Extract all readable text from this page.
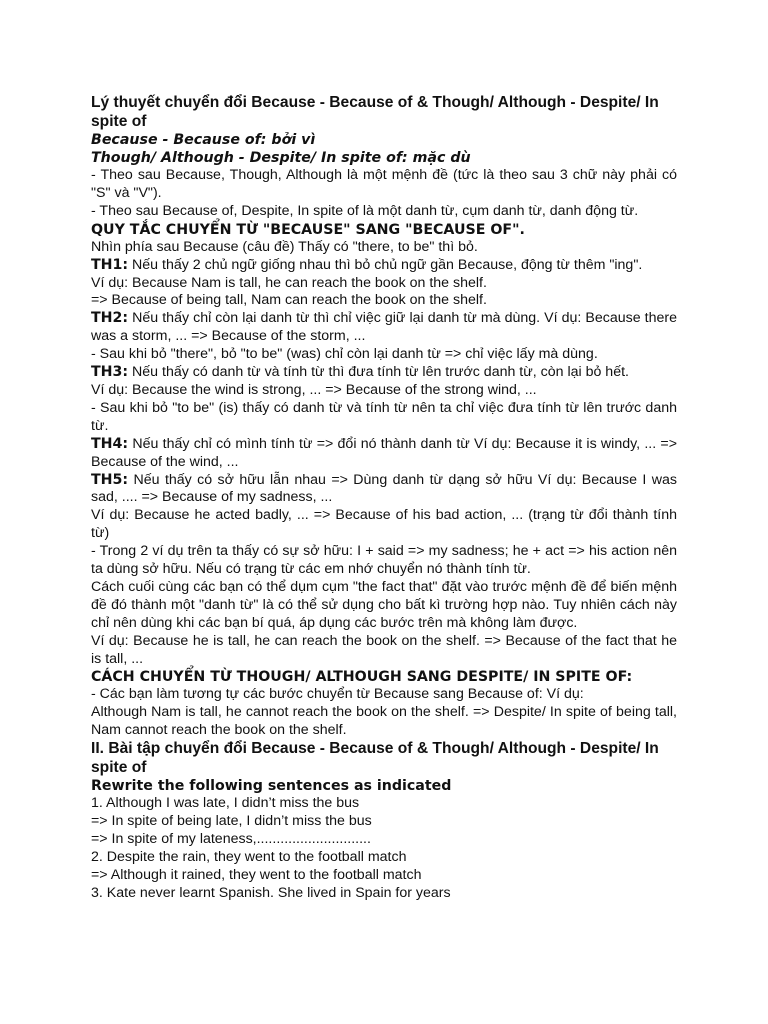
Lý thuyết chuyển đổi Because - Because of & Though/ Although - Despite/ In spite of

Because - Because of: bởi vì

Though/ Although - Despite/ In spite of: mặc dù

- Theo sau Because, Though, Although là một mệnh đề (tức là theo sau 3 chữ này phải có "S" và "V").

- Theo sau Because of, Despite, In spite of là một danh từ, cụm danh từ, danh động từ.

QUY TẮC CHUYỂN TỪ "BECAUSE" SANG "BECAUSE OF".

Nhìn phía sau Because (câu đề) Thấy có "there, to be" thì bỏ.

TH1: Nếu thấy 2 chủ ngữ giống nhau thì bỏ chủ ngữ gần Because, động từ thêm "ing".

Ví dụ: Because Nam is tall, he can reach the book on the shelf.

=> Because of being tall, Nam can reach the book on the shelf.

TH2: Nếu thấy chỉ còn lại danh từ thì chỉ việc giữ lại danh từ mà dùng. Ví dụ: Because there was a storm, ... => Because of the storm, ...

- Sau khi bỏ "there", bỏ "to be" (was) chỉ còn lại danh từ => chỉ việc lấy mà dùng.

TH3: Nếu thấy có danh từ và tính từ thì đưa tính từ lên trước danh từ, còn lại bỏ hết.

Ví dụ: Because the wind is strong, ... => Because of the strong wind, ...

- Sau khi bỏ "to be" (is) thấy có danh từ và tính từ nên ta chỉ việc đưa tính từ lên trước danh từ.

TH4: Nếu thấy chỉ có mình tính từ => đổi nó thành danh từ Ví dụ: Because it is windy, ... => Because of the wind, ...

TH5: Nếu thấy có sở hữu lẫn nhau => Dùng danh từ dạng sở hữu Ví dụ: Because I was sad, .... => Because of my sadness, ...

Ví dụ: Because he acted badly, ... => Because of his bad action, ... (trạng từ đổi thành tính từ)

- Trong 2 ví dụ trên ta thấy có sự sở hữu: I + said => my sadness; he + act => his action nên ta dùng sở hữu. Nếu có trạng từ các em nhớ chuyển nó thành tính từ.

Cách cuối cùng các bạn có thể dụm cụm "the fact that" đặt vào trước mệnh đề để biến mệnh đề đó thành một "danh từ" là có thể sử dụng cho bất kì trường hợp nào. Tuy nhiên cách này chỉ nên dùng khi các bạn bí quá, áp dụng các bước trên mà không làm được.

Ví dụ: Because he is tall, he can reach the book on the shelf. => Because of the fact that he is tall, ...

CÁCH CHUYỂN TỪ THOUGH/ ALTHOUGH SANG DESPITE/ IN SPITE OF:

- Các bạn làm tương tự các bước chuyển từ Because sang Because of: Ví dụ:

Although Nam is tall, he cannot reach the book on the shelf. => Despite/ In spite of being tall, Nam cannot reach the book on the shelf.

II. Bài tập chuyển đổi Because - Because of & Though/ Although - Despite/ In spite of

Rewrite the following sentences as indicated

1. Although I was late, I didn’t miss the bus

=> In spite of being late, I didn’t miss the bus

=> In spite of my lateness,.............................

2. Despite the rain, they went to the football match

=> Although it rained, they went to the football match

3. Kate never learnt Spanish. She lived in Spain for years
